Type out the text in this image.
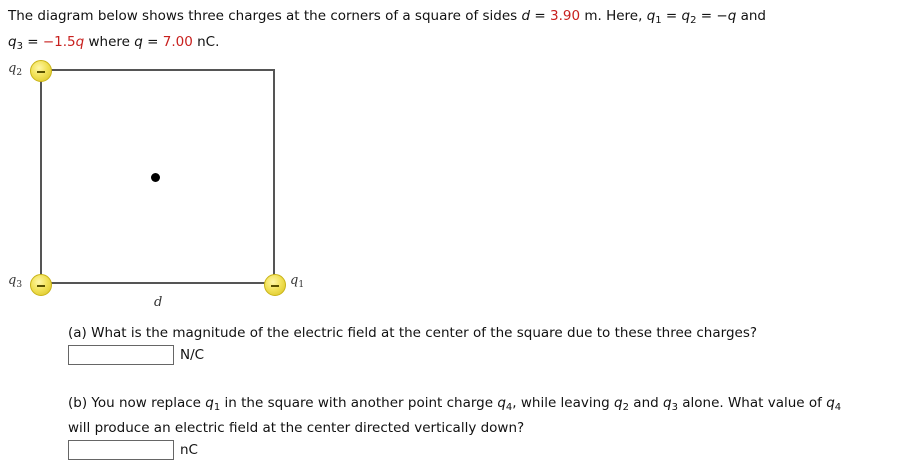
The diagram below shows three charges at the corners of a square of sides d = 3.90 m. Here, $q_1 = q_2 = -q$ and
$q_3 = -1.5q$ where q = 7.00 nC.
$q_2$
$q_3$	$q_1$
d
(a) What is the magnitude of the electric field at the center of the square due to these three charges?
N/C
(b) You now replace $q_1$ in the square with another point charge $q_4$, while leaving $q_2$ and $q_3$ alone. What value of $q_4$
will produce an electric field at the center directed vertically down?
nC
